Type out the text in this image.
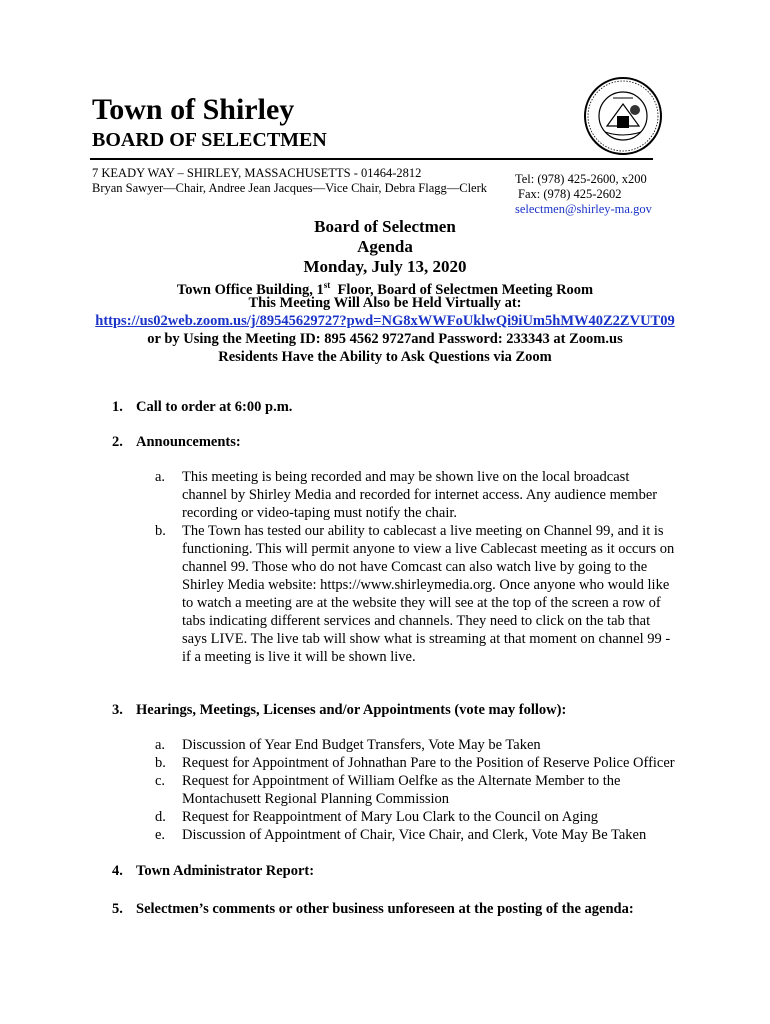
Town of Shirley
BOARD OF SELECTMEN
7 KEADY WAY – SHIRLEY, MASSACHUSETTS - 01464-2812
Bryan Sawyer—Chair, Andree Jean Jacques—Vice Chair, Debra Flagg—Clerk
Tel: (978) 425-2600, x200
Fax: (978) 425-2602
selectmen@shirley-ma.gov
Board of Selectmen
Agenda
Monday, July 13, 2020
Town Office Building, 1st  Floor, Board of Selectmen Meeting Room
This Meeting Will Also be Held Virtually at:
https://us02web.zoom.us/j/89545629727?pwd=NG8xWWFoUklwQi9iUm5hMW40Z2ZVUT09
or by Using the Meeting ID: 895 4562 9727and Password: 233343 at Zoom.us
Residents Have the Ability to Ask Questions via Zoom
1. Call to order at 6:00 p.m.
2. Announcements:
a. This meeting is being recorded and may be shown live on the local broadcast channel by Shirley Media and recorded for internet access. Any audience member recording or video-taping must notify the chair.
b. The Town has tested our ability to cablecast a live meeting on Channel 99, and it is functioning. This will permit anyone to view a live Cablecast meeting as it occurs on channel 99. Those who do not have Comcast can also watch live by going to the Shirley Media website: https://www.shirleymedia.org. Once anyone who would like to watch a meeting are at the website they will see at the top of the screen a row of tabs indicating different services and channels. They need to click on the tab that says LIVE. The live tab will show what is streaming at that moment on channel 99 - if a meeting is live it will be shown live.
3. Hearings, Meetings, Licenses and/or Appointments (vote may follow):
a. Discussion of Year End Budget Transfers, Vote May be Taken
b. Request for Appointment of Johnathan Pare to the Position of Reserve Police Officer
c. Request for Appointment of William Oelfke as the Alternate Member to the Montachusett Regional Planning Commission
d. Request for Reappointment of Mary Lou Clark to the Council on Aging
e. Discussion of Appointment of Chair, Vice Chair, and Clerk, Vote May Be Taken
4. Town Administrator Report:
5. Selectmen’s comments or other business unforeseen at the posting of the agenda:
